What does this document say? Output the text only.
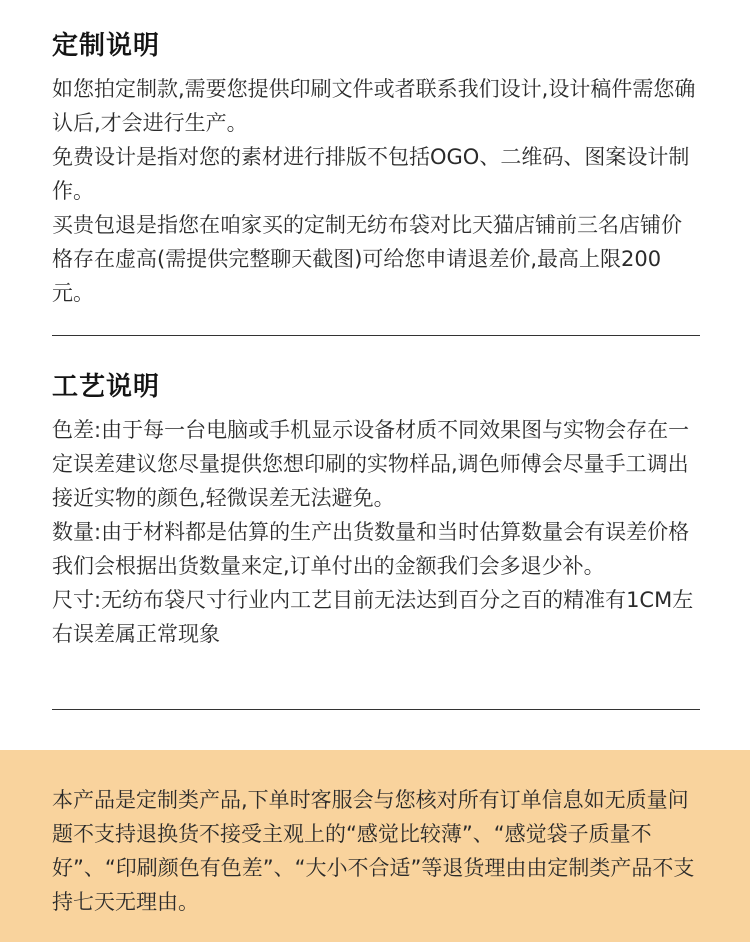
定制说明

如您拍定制款,需要您提供印刷文件或者联系我们设计,设计稿件需您确认后,才会进行生产。

免费设计是指对您的素材进行排版不包括OGO、二维码、图案设计制作。

买贵包退是指您在咱家买的定制无纺布袋对比天猫店铺前三名店铺价格存在虚高(需提供完整聊天截图)可给您申请退差价,最高上限200元。

工艺说明

色差:由于每一台电脑或手机显示设备材质不同效果图与实物会存在一定误差建议您尽量提供您想印刷的实物样品,调色师傅会尽量手工调出接近实物的颜色,轻微误差无法避免。

数量:由于材料都是估算的生产出货数量和当时估算数量会有误差价格我们会根据出货数量来定,订单付出的金额我们会多退少补。

尺寸:无纺布袋尺寸行业内工艺目前无法达到百分之百的精准有1CM左右误差属正常现象

本产品是定制类产品,下单时客服会与您核对所有订单信息如无质量问题不支持退换货不接受主观上的“感觉比较薄”、“感觉袋子质量不好”、“印刷颜色有色差”、“大小不合适”等退货理由由定制类产品不支持七天无理由。
